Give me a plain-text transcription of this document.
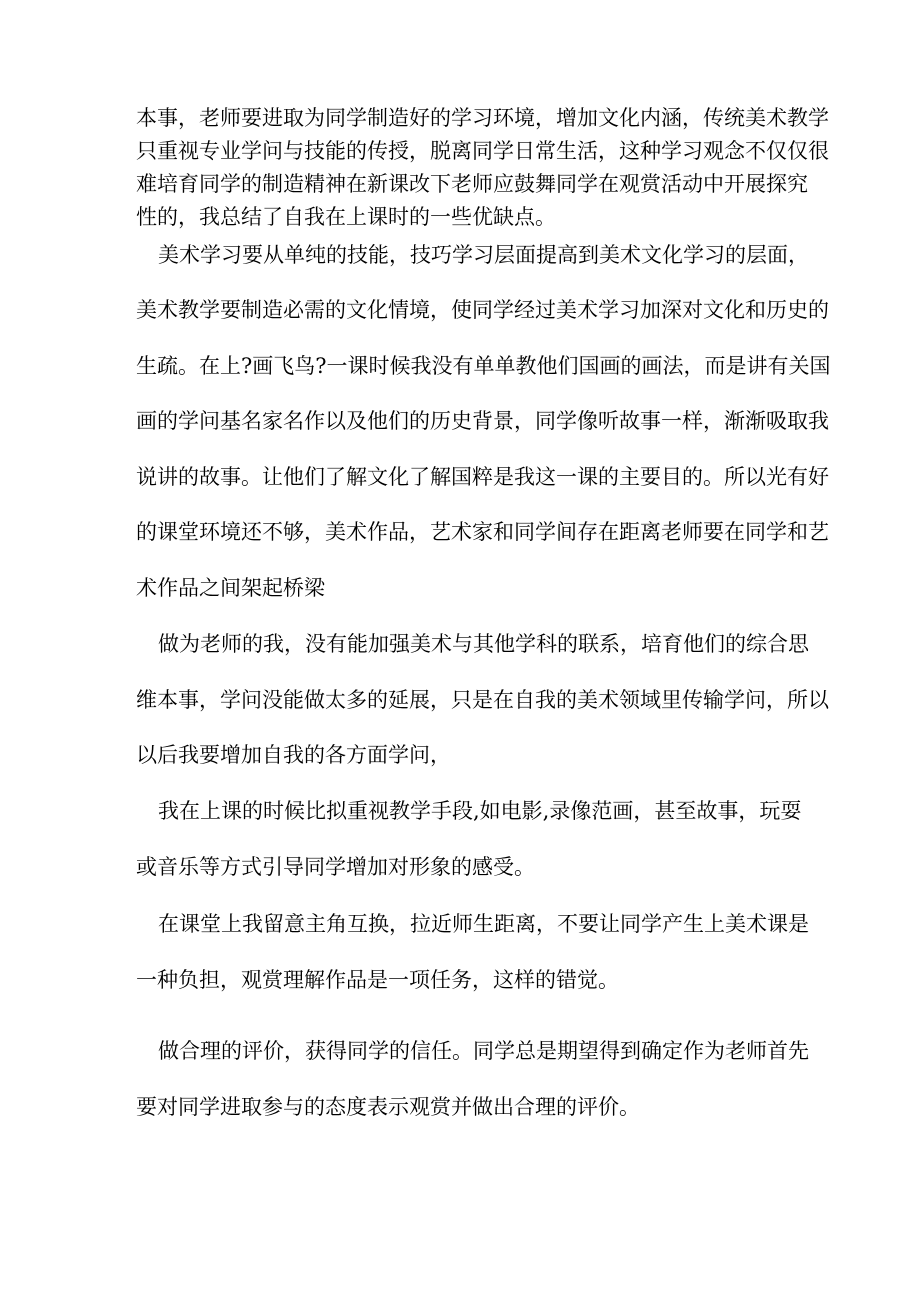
本事，老师要进取为同学制造好的学习环境，增加文化内涵，传统美术教学
只重视专业学问与技能的传授，脱离同学日常生活，这种学习观念不仅仅很
难培育同学的制造精神在新课改下老师应鼓舞同学在观赏活动中开展探究
性的，我总结了自我在上课时的一些优缺点。
美术学习要从单纯的技能，技巧学习层面提高到美术文化学习的层面，
美术教学要制造必需的文化情境，使同学经过美术学习加深对文化和历史的
生疏。在上?画飞鸟?一课时候我没有单单教他们国画的画法，而是讲有关国
画的学问基名家名作以及他们的历史背景，同学像听故事一样，渐渐吸取我
说讲的故事。让他们了解文化了解国粹是我这一课的主要目的。所以光有好
的课堂环境还不够，美术作品，艺术家和同学间存在距离老师要在同学和艺
术作品之间架起桥梁
做为老师的我，没有能加强美术与其他学科的联系，培育他们的综合思
维本事，学问没能做太多的延展，只是在自我的美术领域里传输学问，所以
以后我要增加自我的各方面学问，
我在上课的时候比拟重视教学手段,如电影,录像范画，甚至故事，玩耍
或音乐等方式引导同学增加对形象的感受。
在课堂上我留意主角互换，拉近师生距离，不要让同学产生上美术课是
一种负担，观赏理解作品是一项任务，这样的错觉。
做合理的评价，获得同学的信任。同学总是期望得到确定作为老师首先
要对同学进取参与的态度表示观赏并做出合理的评价。
